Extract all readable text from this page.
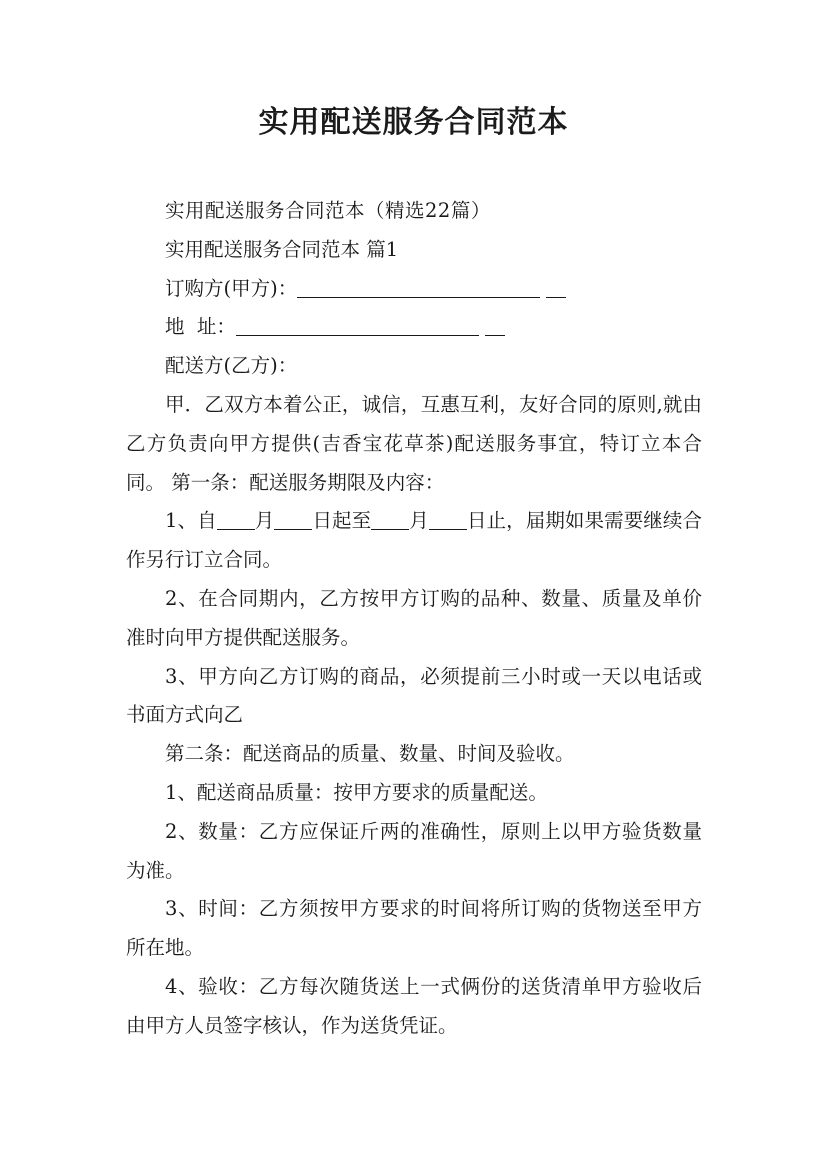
实用配送服务合同范本

实用配送服务合同范本（精选22篇）

实用配送服务合同范本 篇1

订购方(甲方)：

地  址：

配送方(乙方)：

甲．乙双方本着公正，诚信，互惠互利，友好合同的原则,就由乙方负责向甲方提供(吉香宝花草茶)配送服务事宜，特订立本合同。 第一条：配送服务期限及内容：

1、自 月 日起至 月 日止，届期如果需要继续合作另行订立合同。

2、在合同期内，乙方按甲方订购的品种、数量、质量及单价准时向甲方提供配送服务。

3、甲方向乙方订购的商品，必须提前三小时或一天以电话或书面方式向乙

第二条：配送商品的质量、数量、时间及验收。

1、配送商品质量：按甲方要求的质量配送。

2、数量：乙方应保证斤两的准确性，原则上以甲方验货数量为准。

3、时间：乙方须按甲方要求的时间将所订购的货物送至甲方所在地。

4、验收：乙方每次随货送上一式俩份的送货清单甲方验收后由甲方人员签字核认，作为送货凭证。
